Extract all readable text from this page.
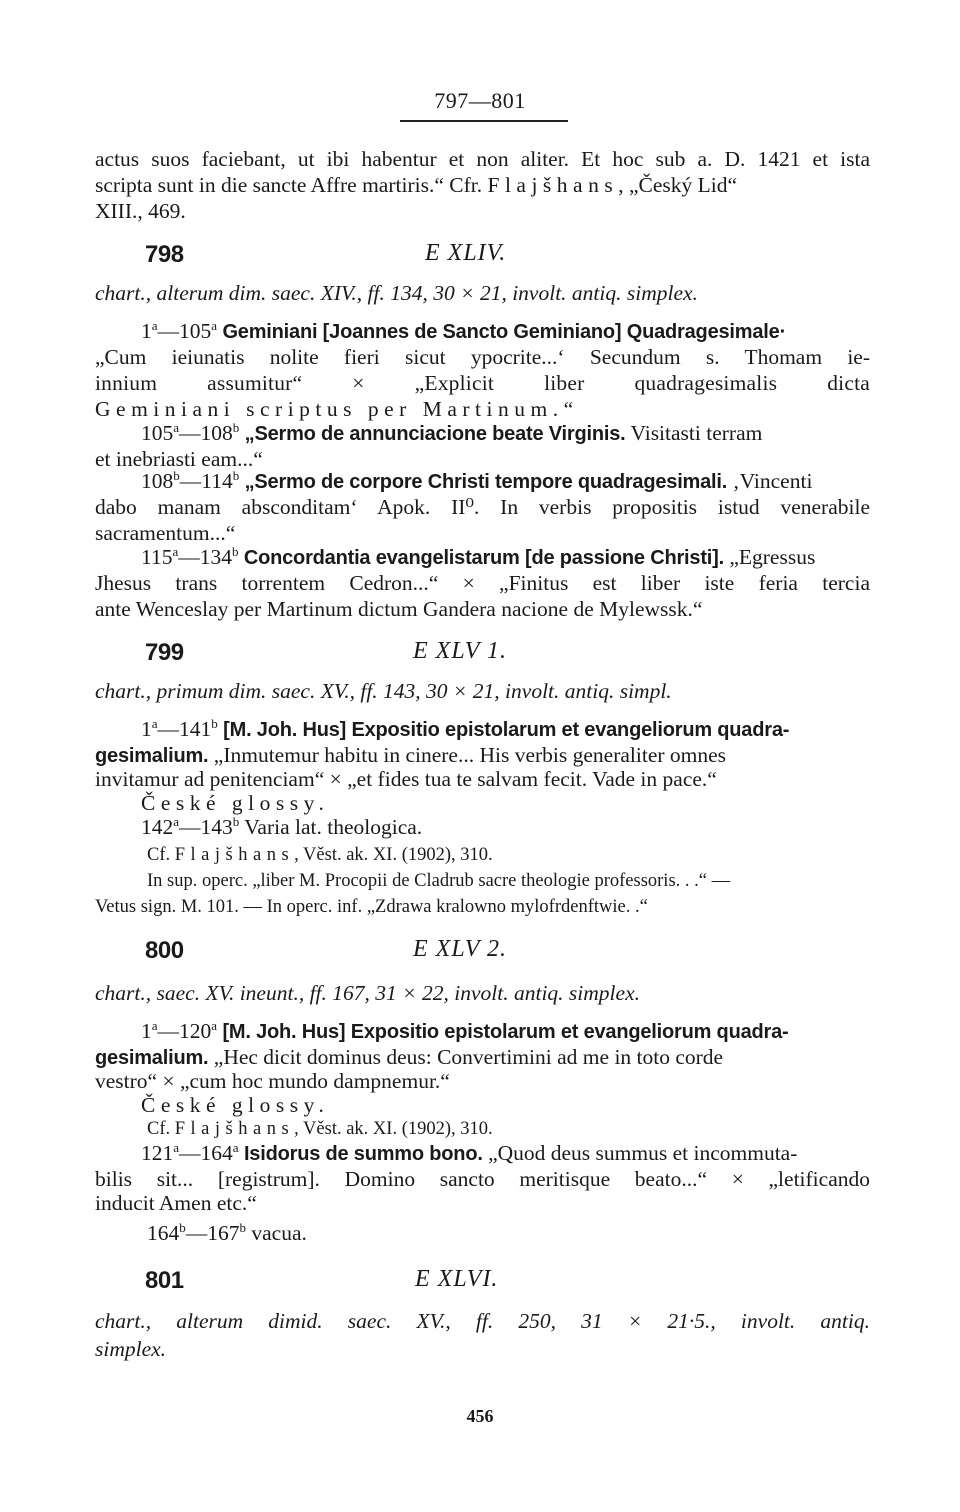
797—801
actus suos faciebant, ut ibi habentur et non aliter. Et hoc sub a. D. 1421 et ista
scripta sunt in die sancte Affre martiris.“ Cfr. Flajšhans, „Český Lid“
XIII., 469.
798	E XLIV.
chart., alterum dim. saec. XIV., ff. 134, 30 × 21, involt. antiq. simplex.
1$^a$—105$^a$ Geminiani [Joannes de Sancto Geminiano] Quadragesimale·
„Cum ieiunatis nolite fieri sicut ypocrite...‘ Secundum s. Thomam ie-
innium assumitur“ × „Explicit liber quadragesimalis dicta
Geminiani scriptus per Martinum.“
105$^a$—108$^b$ „Sermo de annunciacione beate Virginis. Visitasti terram
et inebriasti eam...“
108$^b$—114$^b$ „Sermo de corpore Christi tempore quadragesimali. ‚Vincenti
dabo manam absconditam‘ Apok. II⁰. In verbis propositis istud venerabile
sacramentum...“
115$^a$—134$^b$ Concordantia evangelistarum [de passione Christi]. „Egressus
Jhesus trans torrentem Cedron...“ × „Finitus est liber iste feria tercia
ante Wenceslay per Martinum dictum Gandera nacione de Mylewssk.“
799	E XLV 1.
chart., primum dim. saec. XV., ff. 143, 30 × 21, involt. antiq. simpl.
1$^a$—141$^b$ [M. Joh. Hus] Expositio epistolarum et evangeliorum quadra-
gesimalium. „Inmutemur habitu in cinere... His verbis generaliter omnes
invitamur ad penitenciam“ × „et fides tua te salvam fecit. Vade in pace.“
České glossy.
142$^a$—143$^b$ Varia lat. theologica.
Cf. Flajšhans, Věst. ak. XI. (1902), 310.
In sup. operc. „liber M. Procopii de Cladrub sacre theologie professoris. . .“ —
Vetus sign. M. 101. — In operc. inf. „Zdrawa kralowno mylofrdenftwie. .“
800	E XLV 2.
chart., saec. XV. ineunt., ff. 167, 31 × 22, involt. antiq. simplex.
1$^a$—120$^a$ [M. Joh. Hus] Expositio epistolarum et evangeliorum quadra-
gesimalium. „Hec dicit dominus deus: Convertimini ad me in toto corde
vestro“ × „cum hoc mundo dampnemur.“
České glossy.
Cf. Flajšhans, Věst. ak. XI. (1902), 310.
121$^a$—164$^a$ Isidorus de summo bono. „Quod deus summus et incommuta-
bilis sit... [registrum]. Domino sancto meritisque beato...“ × „letificando
inducit Amen etc.“
164$^b$—167$^b$ vacua.
801	E XLVI.
chart., alterum dimid. saec. XV., ff. 250, 31 × 21·5., involt. antiq.
simplex.
456
